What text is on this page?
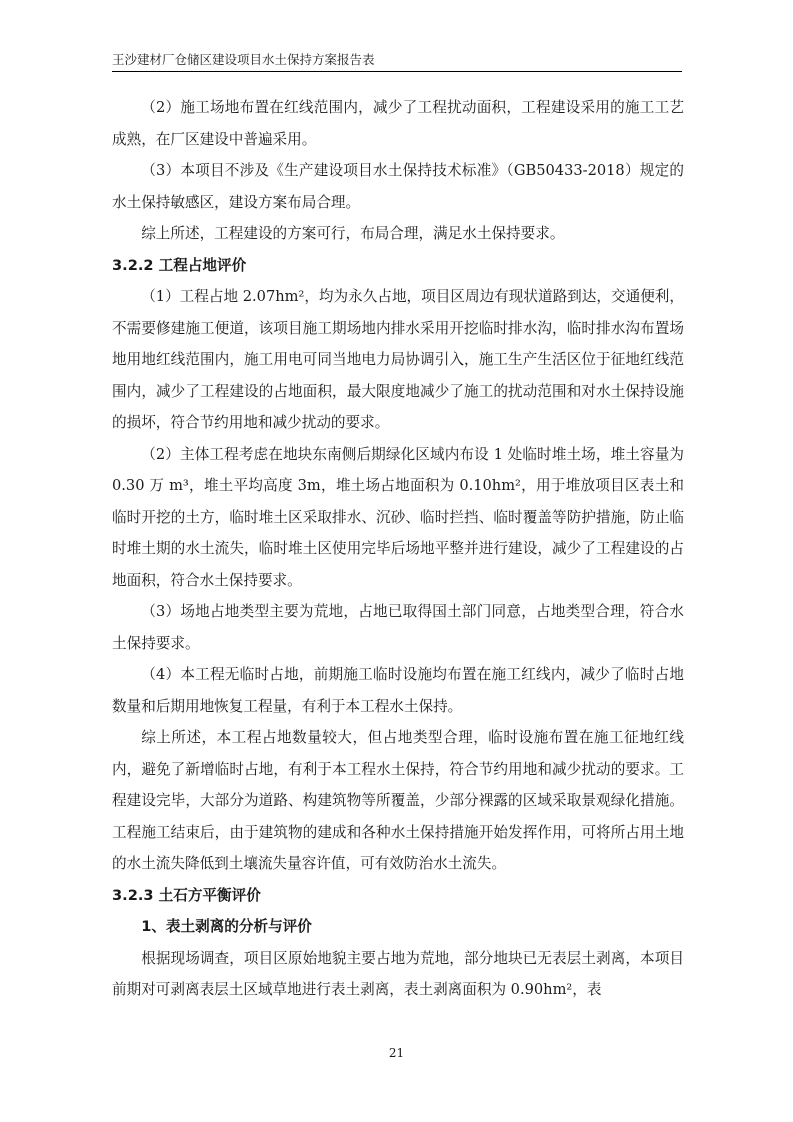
王沙建材厂仓储区建设项目水土保持方案报告表

（2）施工场地布置在红线范围内，减少了工程扰动面积，工程建设采用的施工工艺成熟，在厂区建设中普遍采用。

（3）本项目不涉及《生产建设项目水土保持技术标准》（GB50433-2018）规定的水土保持敏感区，建设方案布局合理。

综上所述，工程建设的方案可行，布局合理，满足水土保持要求。

3.2.2 工程占地评价

（1）工程占地 2.07hm²，均为永久占地，项目区周边有现状道路到达，交通便利，不需要修建施工便道，该项目施工期场地内排水采用开挖临时排水沟，临时排水沟布置场地用地红线范围内，施工用电可同当地电力局协调引入，施工生产生活区位于征地红线范围内，减少了工程建设的占地面积，最大限度地减少了施工的扰动范围和对水土保持设施的损坏，符合节约用地和减少扰动的要求。

（2）主体工程考虑在地块东南侧后期绿化区域内布设 1 处临时堆土场，堆土容量为 0.30 万 m³，堆土平均高度 3m，堆土场占地面积为 0.10hm²，用于堆放项目区表土和临时开挖的土方，临时堆土区采取排水、沉砂、临时拦挡、临时覆盖等防护措施，防止临时堆土期的水土流失，临时堆土区使用完毕后场地平整并进行建设，减少了工程建设的占地面积，符合水土保持要求。

（3）场地占地类型主要为荒地，占地已取得国土部门同意，占地类型合理，符合水土保持要求。

（4）本工程无临时占地，前期施工临时设施均布置在施工红线内，减少了临时占地数量和后期用地恢复工程量，有利于本工程水土保持。

综上所述，本工程占地数量较大，但占地类型合理，临时设施布置在施工征地红线内，避免了新增临时占地，有利于本工程水土保持，符合节约用地和减少扰动的要求。工程建设完毕，大部分为道路、构建筑物等所覆盖，少部分裸露的区域采取景观绿化措施。工程施工结束后，由于建筑物的建成和各种水土保持措施开始发挥作用，可将所占用土地的水土流失降低到土壤流失量容许值，可有效防治水土流失。

3.2.3 土石方平衡评价

1、表土剥离的分析与评价

根据现场调查，项目区原始地貌主要占地为荒地，部分地块已无表层土剥离，本项目前期对可剥离表层土区域草地进行表土剥离，表土剥离面积为 0.90hm²，表

21
